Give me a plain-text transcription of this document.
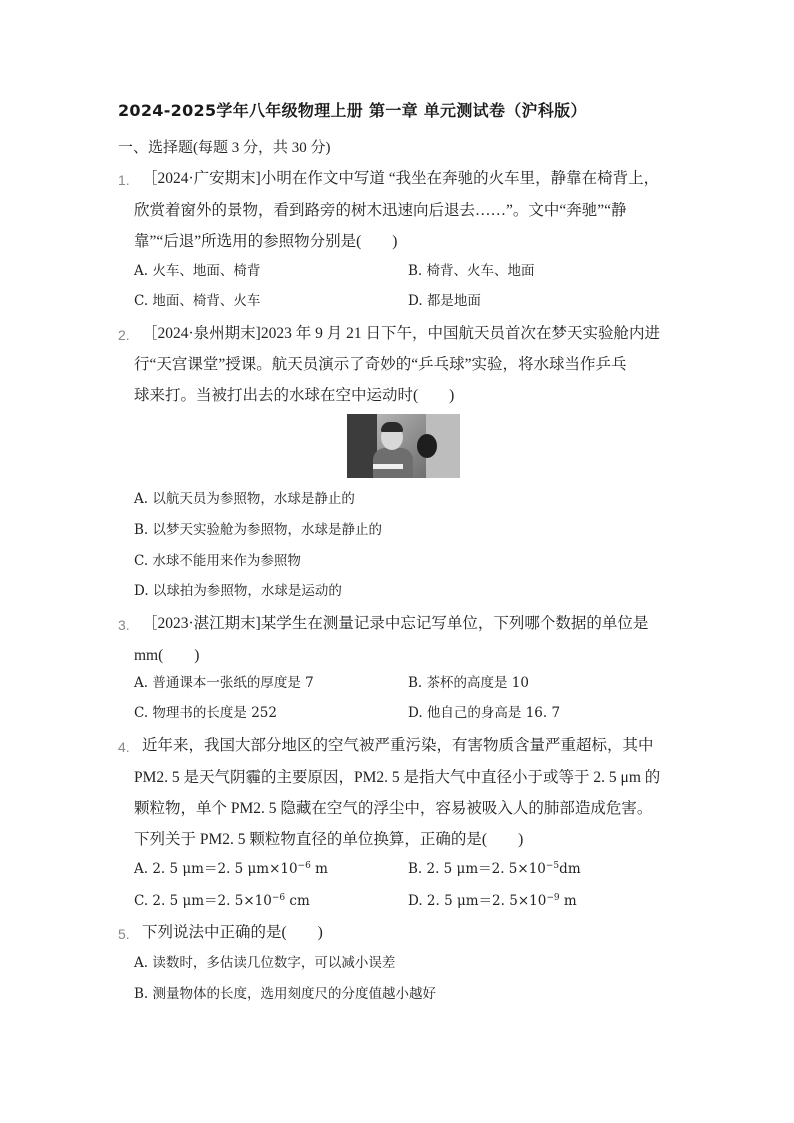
2024-2025学年八年级物理上册 第一章 单元测试卷（沪科版）
一、选择题(每题 3 分，共 30 分)
1. ［2024·广安期末]小明在作文中写道 “我坐在奔驰的火车里，静靠在椅背上，
欣赏着窗外的景物，看到路旁的树木迅速向后退去……”。文中“奔驰”“静
靠”“后退”所选用的参照物分别是(　　)
A. 火车、地面、椅背	B. 椅背、火车、地面
C. 地面、椅背、火车	D. 都是地面
2. ［2024·泉州期末]2023 年 9 月 21 日下午，中国航天员首次在梦天实验舱内进
行“天宫课堂”授课。航天员演示了奇妙的“乒乓球”实验，将水球当作乒乓
球来打。当被打出去的水球在空中运动时(　　)
A. 以航天员为参照物，水球是静止的
B. 以梦天实验舱为参照物，水球是静止的
C. 水球不能用来作为参照物
D. 以球拍为参照物，水球是运动的
3. ［2023·湛江期末]某学生在测量记录中忘记写单位，下列哪个数据的单位是
mm(　　)
A. 普通课本一张纸的厚度是 7	B. 茶杯的高度是 10
C. 物理书的长度是 252	D. 他自己的身高是 16. 7
4. 近年来，我国大部分地区的空气被严重污染，有害物质含量严重超标，其中
PM2. 5 是天气阴霾的主要原因，PM2. 5 是指大气中直径小于或等于 2. 5 μm 的
颗粒物，单个 PM2. 5 隐藏在空气的浮尘中，容易被吸入人的肺部造成危害。
下列关于 PM2. 5 颗粒物直径的单位换算，正确的是(　　)
A. 2. 5 μm＝2. 5 $\mu m\times 10^{-6}$ m	B. 2. 5 μm＝2. $5\times 10^{-5}dm$
C. 2. 5 μm＝2. $5\times 10^{-6}$ cm	D. 2. 5 μm＝2. $5\times 10^{-9}$ m
5. 下列说法中正确的是(　　)
A. 读数时，多估读几位数字，可以减小误差
B. 测量物体的长度，选用刻度尺的分度值越小越好
